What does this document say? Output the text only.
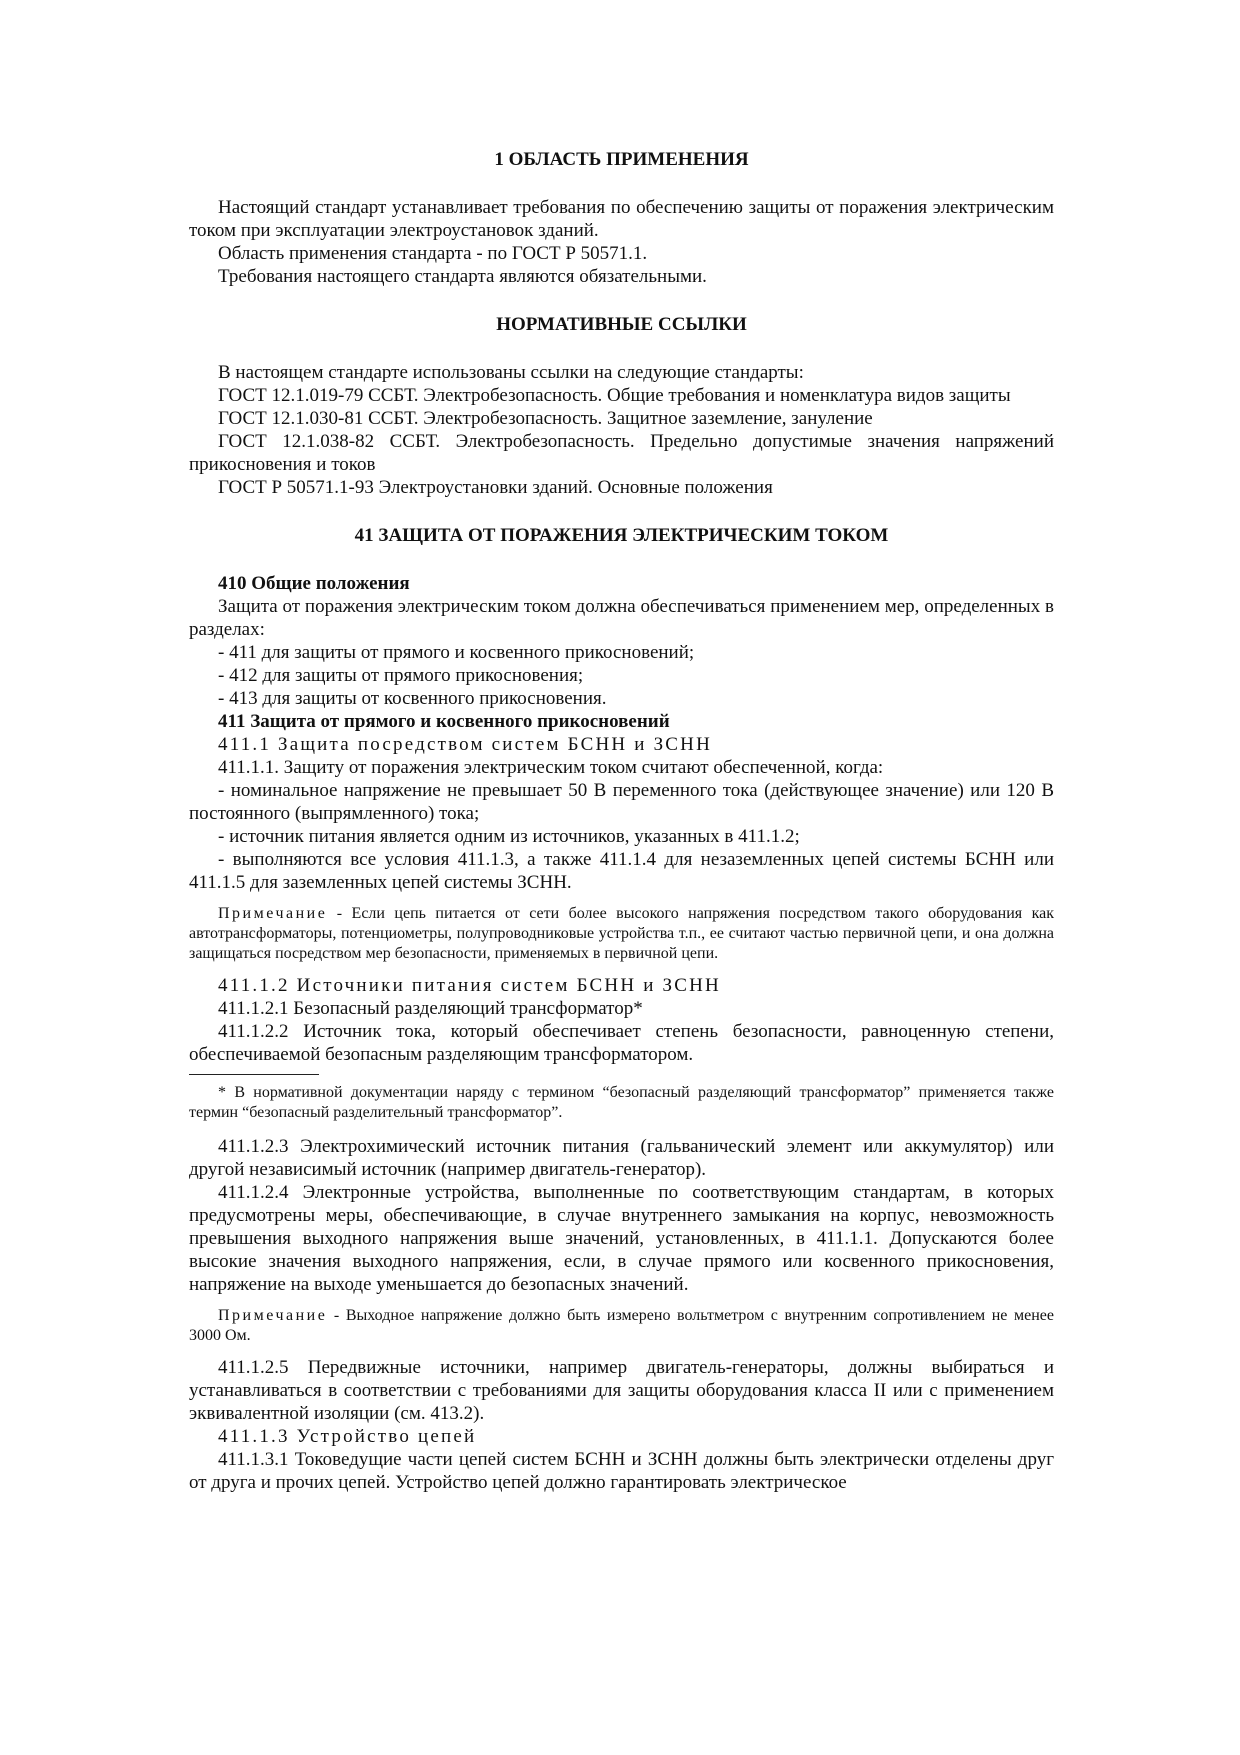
1 ОБЛАСТЬ ПРИМЕНЕНИЯ

Настоящий стандарт устанавливает требования по обеспечению защиты от поражения электрическим током при эксплуатации электроустановок зданий.

Область применения стандарта - по ГОСТ Р 50571.1.

Требования настоящего стандарта являются обязательными.

НОРМАТИВНЫЕ ССЫЛКИ

В настоящем стандарте использованы ссылки на следующие стандарты:

ГОСТ 12.1.019-79 ССБТ. Электробезопасность. Общие требования и номенклатура видов защиты

ГОСТ 12.1.030-81 ССБТ. Электробезопасность. Защитное заземление, зануление

ГОСТ 12.1.038-82 ССБТ. Электробезопасность. Предельно допустимые значения напряжений прикосновения и токов

ГОСТ Р 50571.1-93 Электроустановки зданий. Основные положения

41 ЗАЩИТА ОТ ПОРАЖЕНИЯ ЭЛЕКТРИЧЕСКИМ ТОКОМ

410 Общие положения

Защита от поражения электрическим током должна обеспечиваться применением мер, определенных в разделах:

- 411 для защиты от прямого и косвенного прикосновений;

- 412 для защиты от прямого прикосновения;

- 413 для защиты от косвенного прикосновения.

411 Защита от прямого и косвенного прикосновений

411.1 Защита посредством систем БСНН и ЗСНН

411.1.1. Защиту от поражения электрическим током считают обеспеченной, когда:

- номинальное напряжение не превышает 50 В переменного тока (действующее значение) или 120 В постоянного (выпрямленного) тока;

- источник питания является одним из источников, указанных в 411.1.2;

- выполняются все условия 411.1.3, а также 411.1.4 для незаземленных цепей системы БСНН или 411.1.5 для заземленных цепей системы ЗСНН.

Примечание - Если цепь питается от сети более высокого напряжения посредством такого оборудования как автотрансформаторы, потенциометры, полупроводниковые устройства т.п., ее считают частью первичной цепи, и она должна защищаться посредством мер безопасности, применяемых в первичной цепи.

411.1.2 Источники питания систем БСНН и ЗСНН

411.1.2.1 Безопасный разделяющий трансформатор*

411.1.2.2 Источник тока, который обеспечивает степень безопасности, равноценную степени, обеспечиваемой безопасным разделяющим трансформатором.

* В нормативной документации наряду с термином “безопасный разделяющий трансформатор” применяется также термин “безопасный разделительный трансформатор”.

411.1.2.3 Электрохимический источник питания (гальванический элемент или аккумулятор) или другой независимый источник (например двигатель-генератор).

411.1.2.4 Электронные устройства, выполненные по соответствующим стандартам, в которых предусмотрены меры, обеспечивающие, в случае внутреннего замыкания на корпус, невозможность превышения выходного напряжения выше значений, установленных, в 411.1.1. Допускаются более высокие значения выходного напряжения, если, в случае прямого или косвенного прикосновения, напряжение на выходе уменьшается до безопасных значений.

Примечание - Выходное напряжение должно быть измерено вольтметром с внутренним сопротивлением не менее 3000 Ом.

411.1.2.5 Передвижные источники, например двигатель-генераторы, должны выбираться и устанавливаться в соответствии с требованиями для защиты оборудования класса II или с применением эквивалентной изоляции (см. 413.2).

411.1.3 Устройство цепей

411.1.3.1 Токоведущие части цепей систем БСНН и ЗСНН должны быть электрически отделены друг от друга и прочих цепей. Устройство цепей должно гарантировать электрическое
